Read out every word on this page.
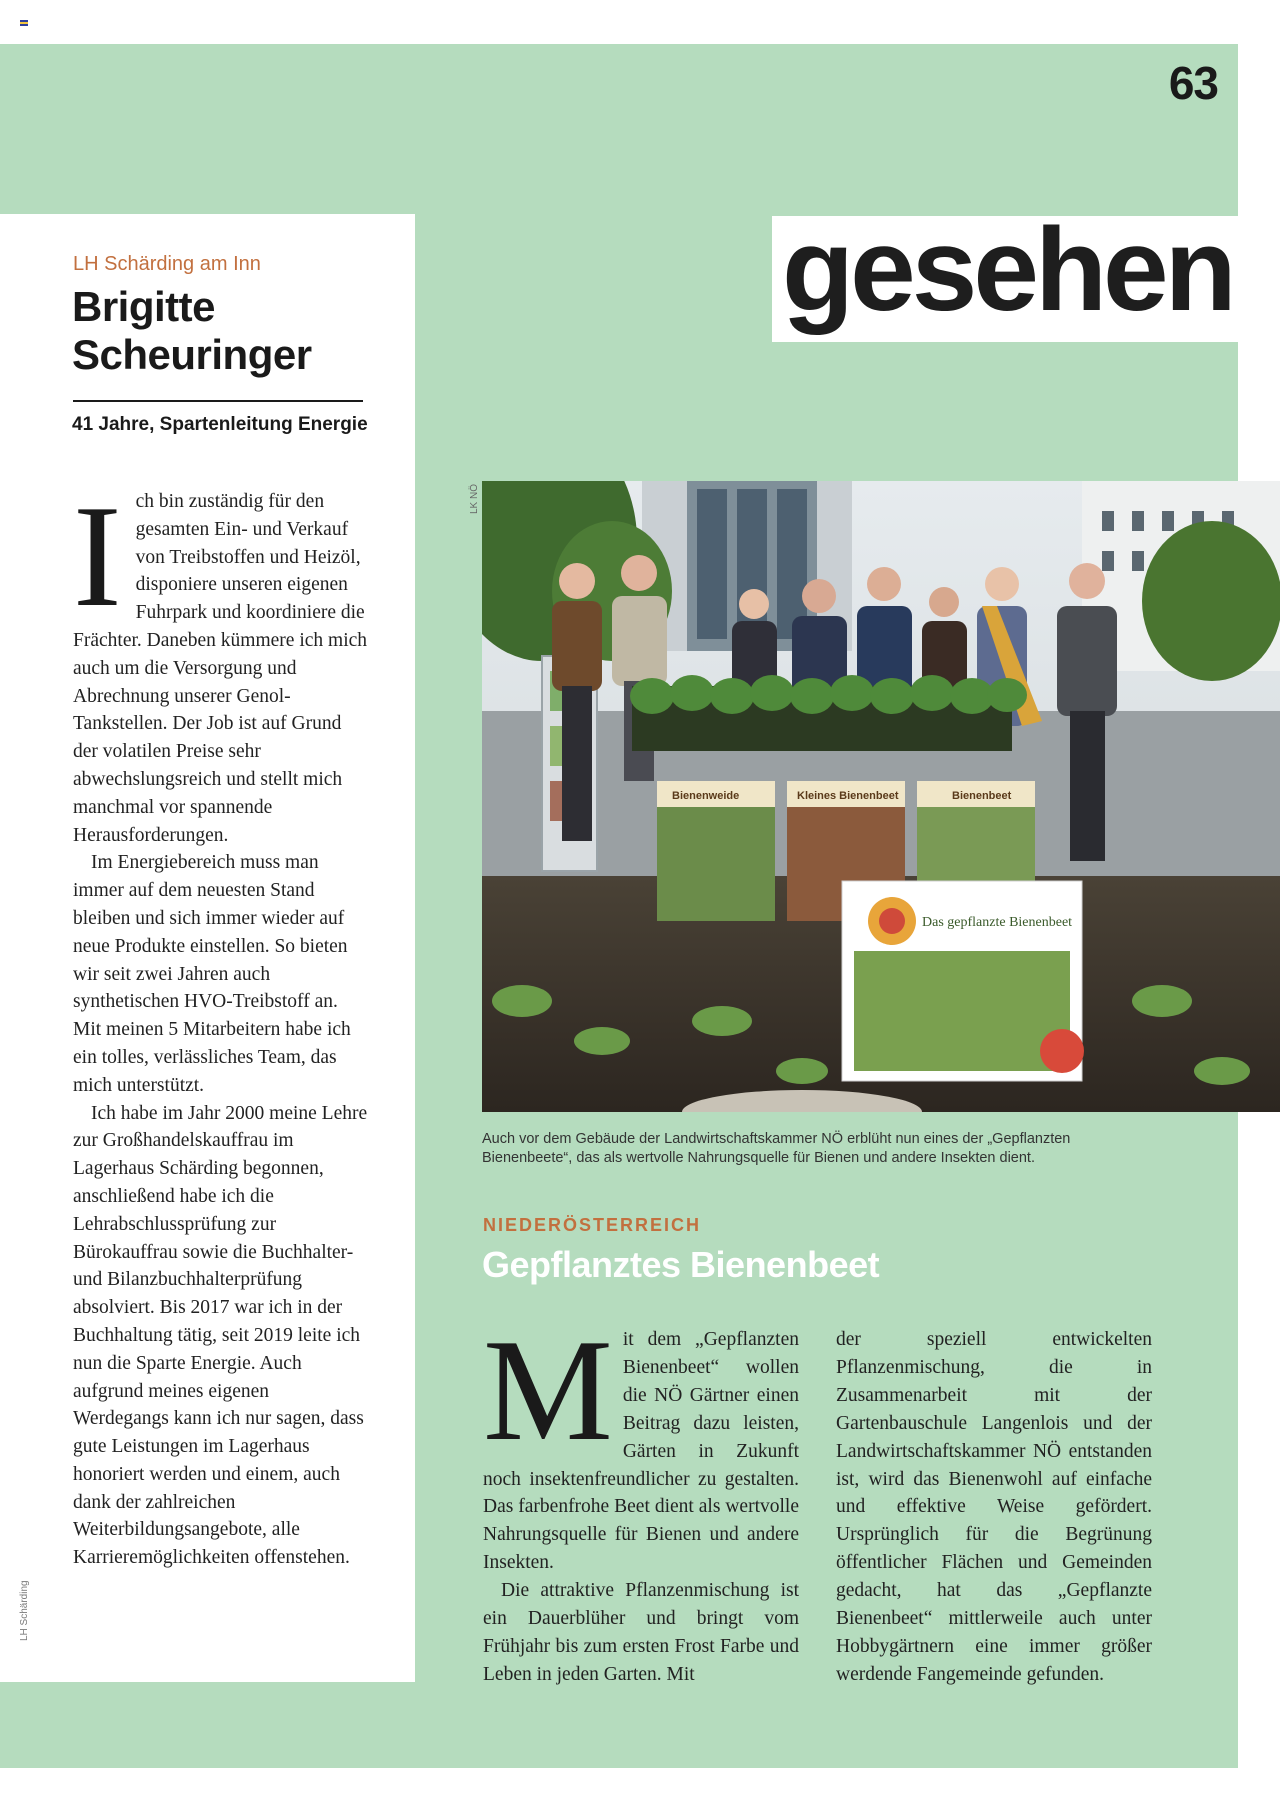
63
gesehen
LH Schärding am Inn
Brigitte
Scheuringer
41 Jahre, Spartenleitung Energie

Ich bin zuständig für den gesamten Ein- und Verkauf von Treibstoffen und Heizöl, disponiere unseren eigenen Fuhrpark und koordiniere die Frächter. Daneben kümmere ich mich auch um die Versorgung und Abrechnung unserer Genol-Tankstellen. Der Job ist auf Grund der volatilen Preise sehr abwechslungsreich und stellt mich manchmal vor spannende Herausforderungen.

Im Energiebereich muss man immer auf dem neuesten Stand bleiben und sich immer wieder auf neue Produkte einstellen. So bieten wir seit zwei Jahren auch synthetischen HVO-Treibstoff an. Mit meinen 5 Mitarbeitern habe ich ein tolles, verlässliches Team, das mich unterstützt.

Ich habe im Jahr 2000 meine Lehre zur Großhandelskauffrau im Lagerhaus Schärding begonnen, anschließend habe ich die Lehrabschlussprüfung zur Bürokauffrau sowie die Buchhalter- und Bilanzbuchhalterprüfung absolviert. Bis 2017 war ich in der Buchhaltung tätig, seit 2019 leite ich nun die Sparte Energie. Auch aufgrund meines eigenen Werdegangs kann ich nur sagen, dass gute Leistungen im Lagerhaus honoriert werden und einem, auch dank der zahlreichen Weiterbildungsangebote, alle Karrieremöglichkeiten offenstehen.

LH Schärding
LK NÖ
Bienenweide	Kleines Bienenbeet	Bienenbeet
Das gepflanzte Bienenbeet
Auch vor dem Gebäude der Landwirtschaftskammer NÖ erblüht nun eines der „Gepflanzten Bienenbeete“, das als wertvolle Nahrungsquelle für Bienen und andere Insekten dient.
NIEDERÖSTERREICH
Gepflanztes Bienenbeet

Mit dem „Gepflanzten Bienenbeet“ wollen die NÖ Gärtner einen Beitrag dazu leisten, Gärten in Zukunft noch insektenfreundlicher zu gestalten. Das farbenfrohe Beet dient als wertvolle Nahrungsquelle für Bienen und andere Insekten.

Die attraktive Pflanzenmischung ist ein Dauerblüher und bringt vom Frühjahr bis zum ersten Frost Farbe und Leben in jeden Garten. Mit

der speziell entwickelten Pflanzenmischung, die in Zusammenarbeit mit der Gartenbauschule Langenlois und der Landwirtschaftskammer NÖ entstanden ist, wird das Bienenwohl auf einfache und effektive Weise gefördert. Ursprünglich für die Begrünung öffentlicher Flächen und Gemeinden gedacht, hat das „Gepflanzte Bienenbeet“ mittlerweile auch unter Hobbygärtnern eine immer größer werdende Fangemeinde gefunden.
